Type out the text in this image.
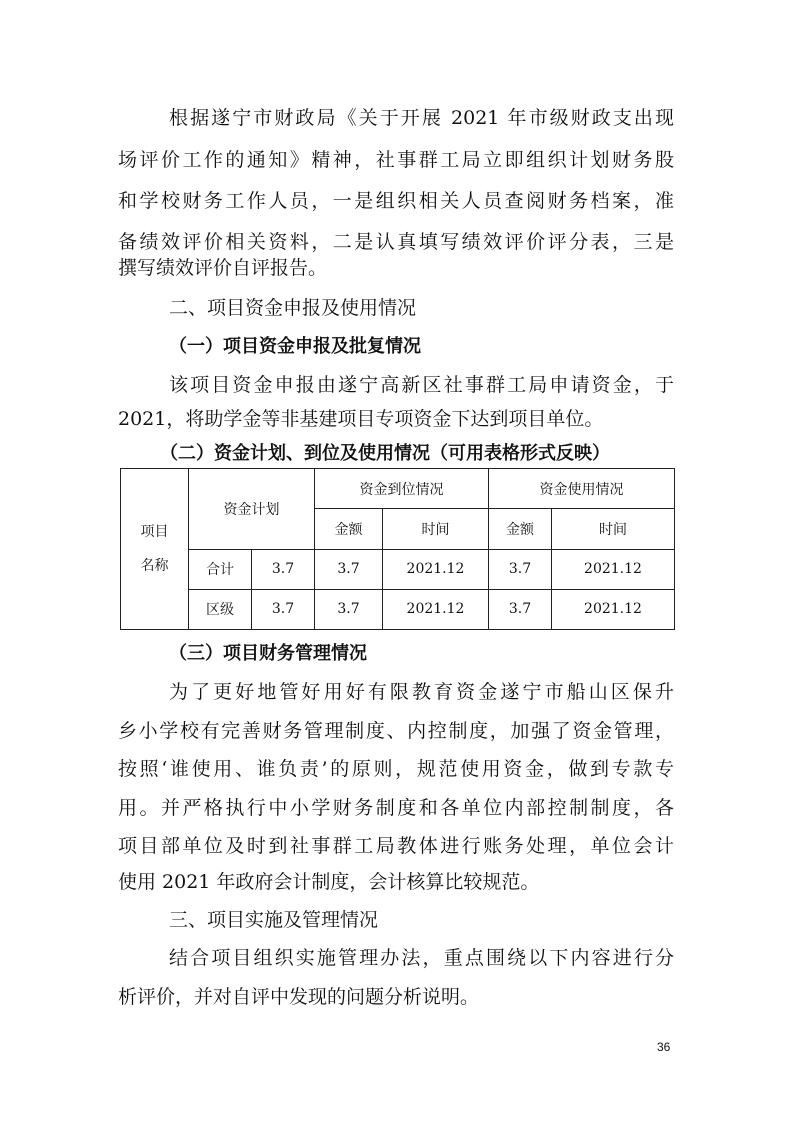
根据遂宁市财政局《关于开展 2021 年市级财政支出现
场评价工作的通知》精神，社事群工局立即组织计划财务股
和学校财务工作人员，一是组织相关人员查阅财务档案，准
备绩效评价相关资料，二是认真填写绩效评价评分表，三是
撰写绩效评价自评报告。
二、项目资金申报及使用情况
（一）项目资金申报及批复情况
该项目资金申报由遂宁高新区社事群工局申请资金，于
2021，将助学金等非基建项目专项资金下达到项目单位。
（二）资金计划、到位及使用情况（可用表格形式反映）
项目
名称	资金计划		资金到位情况		资金使用情况	
			金额	时间	金额	时间
	合计	3.7	3.7	2021.12	3.7	2021.12
	区级	3.7	3.7	2021.12	3.7	2021.12
（三）项目财务管理情况
为了更好地管好用好有限教育资金遂宁市船山区保升
乡小学校有完善财务管理制度、内控制度，加强了资金管理，
按照‘谁使用、谁负责’的原则，规范使用资金，做到专款专
用。并严格执行中小学财务制度和各单位内部控制制度，各
项目部单位及时到社事群工局教体进行账务处理，单位会计
使用 2021 年政府会计制度，会计核算比较规范。
三、项目实施及管理情况
结合项目组织实施管理办法，重点围绕以下内容进行分
析评价，并对自评中发现的问题分析说明。
36
